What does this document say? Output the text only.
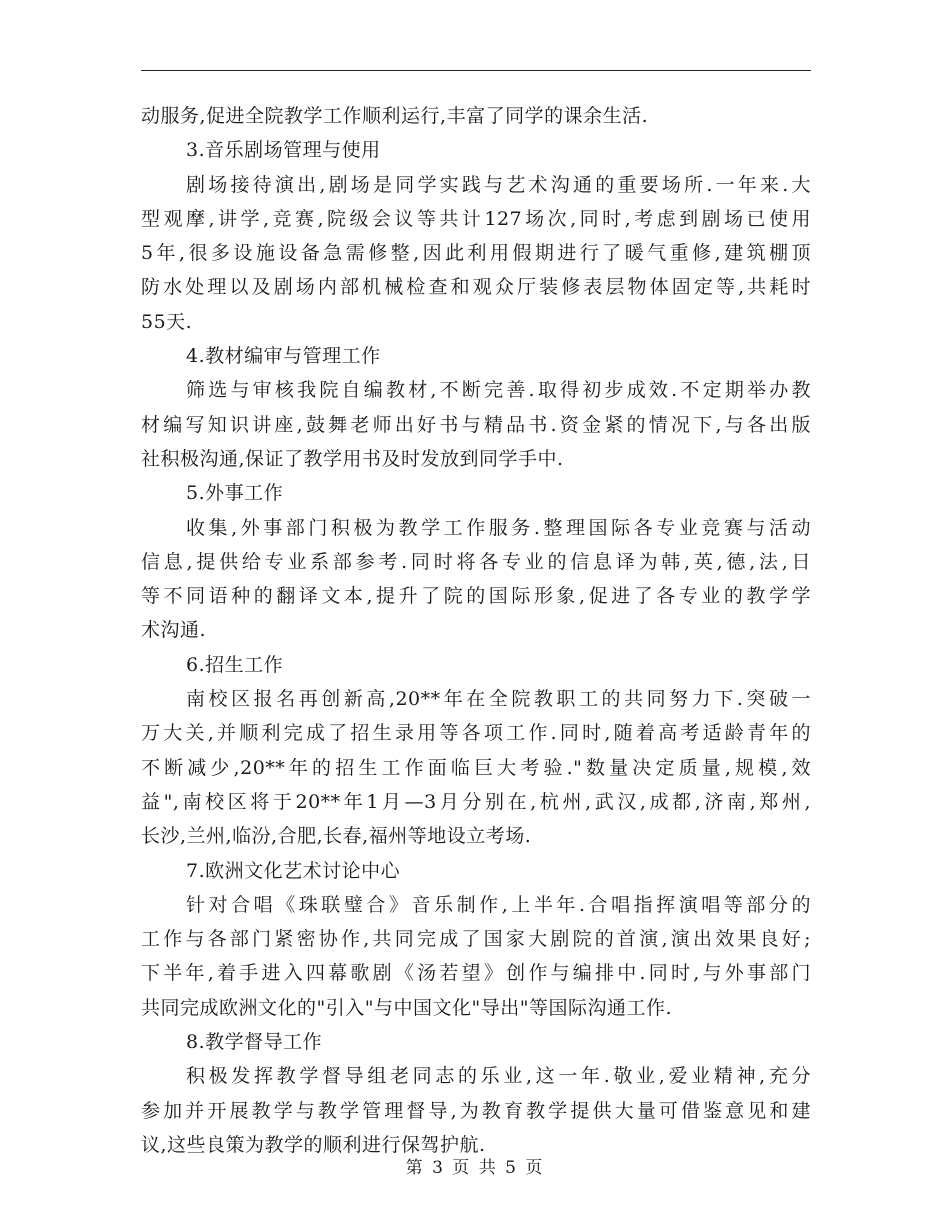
动服务,促进全院教学工作顺利运行,丰富了同学的课余生活.
3.音乐剧场管理与使用
剧场接待演出,剧场是同学实践与艺术沟通的重要场所.一年来.大
型观摩,讲学,竞赛,院级会议等共计127场次,同时,考虑到剧场已使用
5年,很多设施设备急需修整,因此利用假期进行了暖气重修,建筑棚顶
防水处理以及剧场内部机械检查和观众厅装修表层物体固定等,共耗时
55天.
4.教材编审与管理工作
筛选与审核我院自编教材,不断完善.取得初步成效.不定期举办教
材编写知识讲座,鼓舞老师出好书与精品书.资金紧的情况下,与各出版
社积极沟通,保证了教学用书及时发放到同学手中.
5.外事工作
收集,外事部门积极为教学工作服务.整理国际各专业竞赛与活动
信息,提供给专业系部参考.同时将各专业的信息译为韩,英,德,法,日
等不同语种的翻译文本,提升了院的国际形象,促进了各专业的教学学
术沟通.
6.招生工作
南校区报名再创新高,20**年在全院教职工的共同努力下.突破一
万大关,并顺利完成了招生录用等各项工作.同时,随着高考适龄青年的
不断减少,20**年的招生工作面临巨大考验."数量决定质量,规模,效
益",南校区将于20**年1月—3月分别在,杭州,武汉,成都,济南,郑州,
长沙,兰州,临汾,合肥,长春,福州等地设立考场.
7.欧洲文化艺术讨论中心
针对合唱《珠联璧合》音乐制作,上半年.合唱指挥演唱等部分的
工作与各部门紧密协作,共同完成了国家大剧院的首演,演出效果良好;
下半年,着手进入四幕歌剧《汤若望》创作与编排中.同时,与外事部门
共同完成欧洲文化的"引入"与中国文化"导出"等国际沟通工作.
8.教学督导工作
积极发挥教学督导组老同志的乐业,这一年.敬业,爱业精神,充分
参加并开展教学与教学管理督导,为教育教学提供大量可借鉴意见和建
议,这些良策为教学的顺利进行保驾护航.
第 3 页 共 5 页
